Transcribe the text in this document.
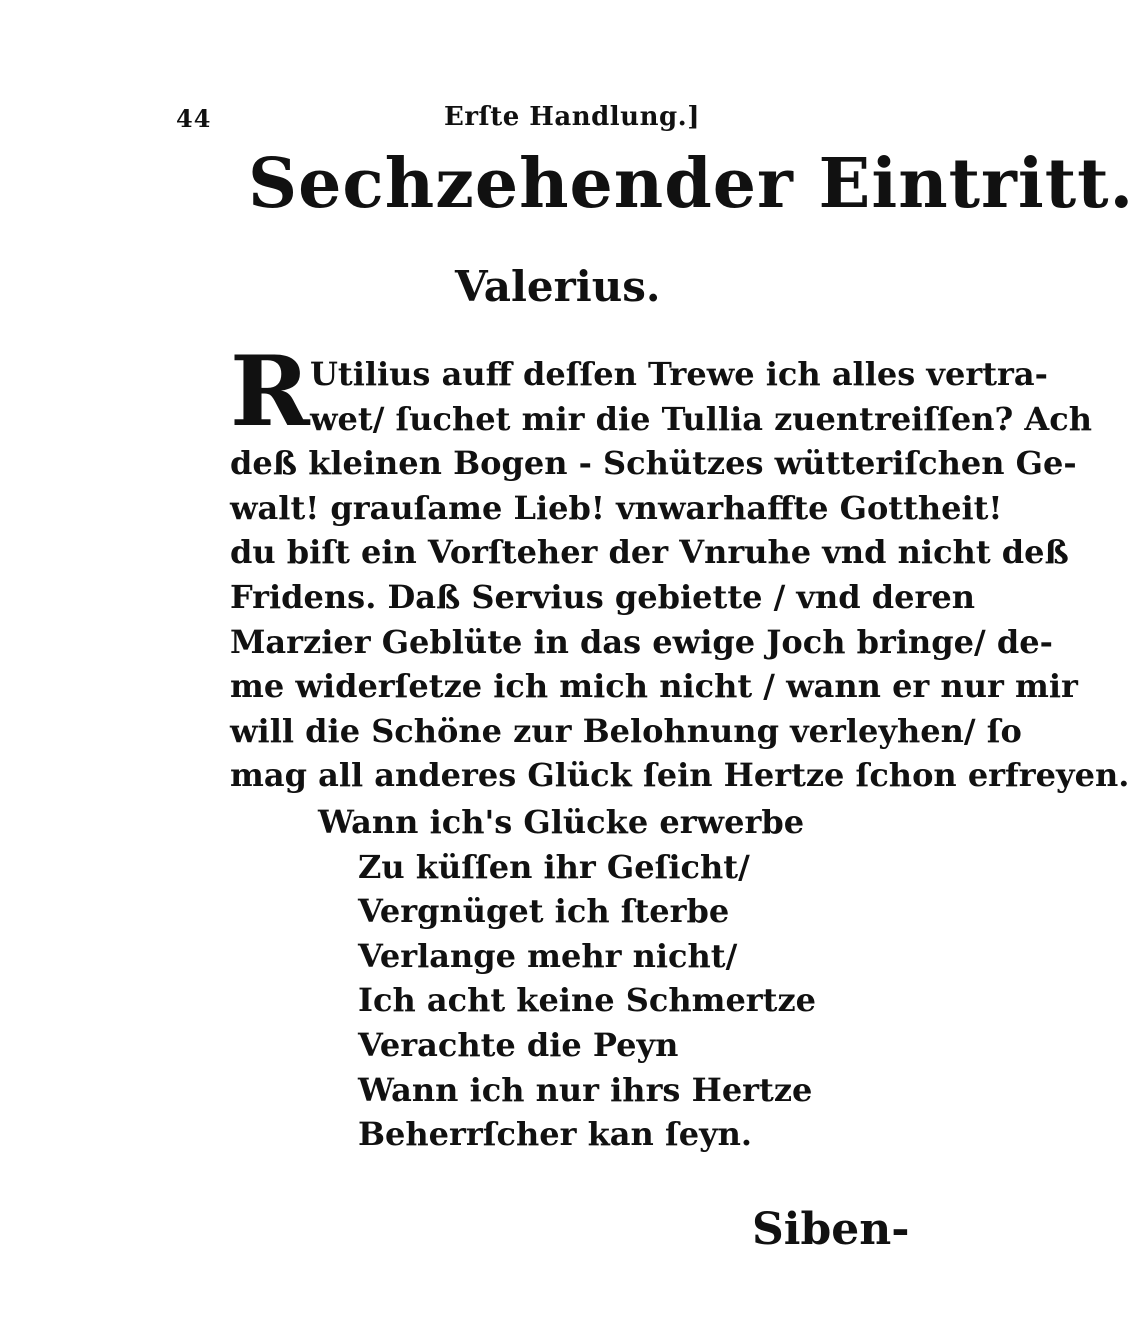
44	Erſte Handlung.]
Sechzehender Eintritt.
Valerius.
R Utilius auff deſſen Trewe ich alles vertra-
wet/ ſuchet mir die Tullia zuentreiſſen? Ach
deß kleinen Bogen - Schützes wütteriſchen Ge-
walt! grauſame Lieb! vnwarhaffte Gottheit!
du biſt ein Vorſteher der Vnruhe vnd nicht deß
Fridens. Daß Servius gebiette / vnd deren
Marzier Geblüte in das ewige Joch bringe/ de-
me widerſetze ich mich nicht / wann er nur mir
will die Schöne zur Belohnung verleyhen/ ſo
mag all anderes Glück ſein Hertze ſchon erfreyen.
Wann ich's Glücke erwerbe
Zu küſſen ihr Geſicht/
Vergnüget ich ſterbe
Verlange mehr nicht/
Ich acht keine Schmertze
Verachte die Peyn
Wann ich nur ihrs Hertze
Beherrſcher kan ſeyn.
Siben-
